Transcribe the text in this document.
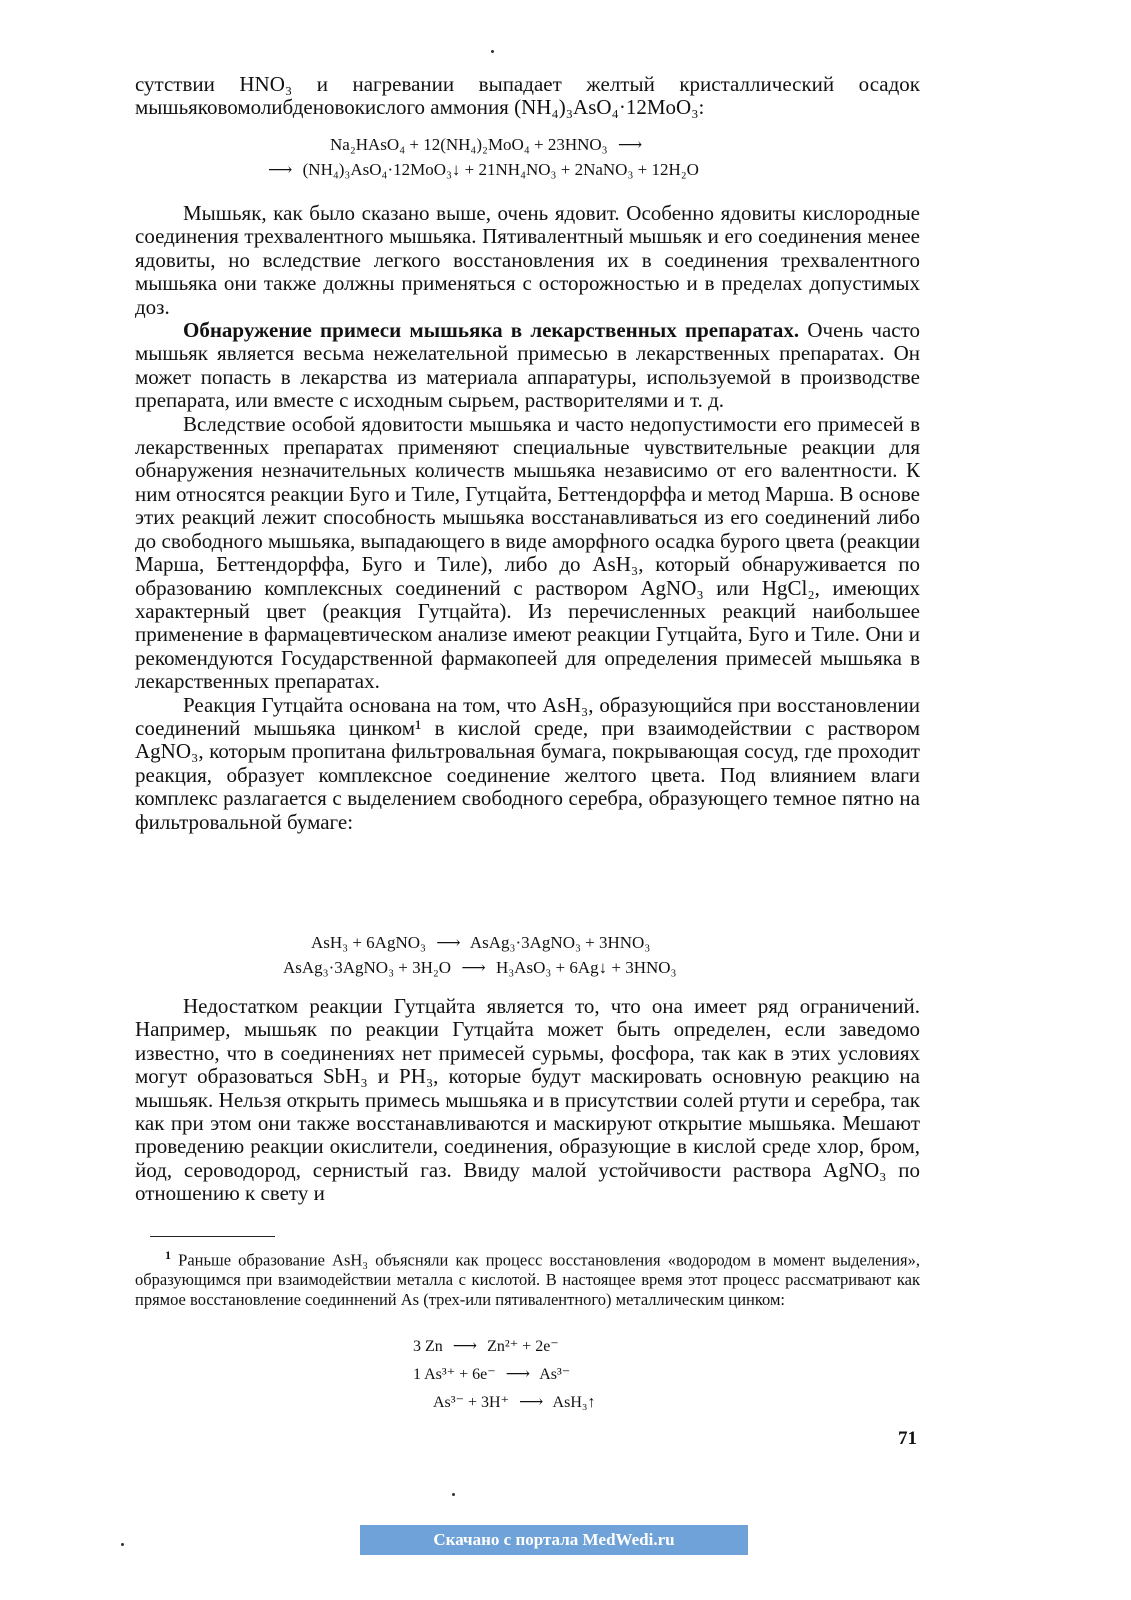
сутствии HNO₃ и нагревании выпадает желтый кристаллический осадок мышьяковомолибденовокислого аммония (NH₄)₃AsO₄·12MoO₃:

Na₂HAsO₄ + 12(NH₄)₂MoO₄ + 23HNO₃ ⟶

⟶ (NH₄)₃AsO₄·12MoO₃↓ + 21NH₄NO₃ + 2NaNO₃ + 12H₂O

Мышьяк, как было сказано выше, очень ядовит. Особенно ядовиты кислородные соединения трехвалентного мышьяка. Пятивалентный мышьяк и его соединения менее ядовиты, но вследствие легкого восстановления их в соединения трехвалентного мышьяка они также должны применяться с осторожностью и в пределах допустимых доз.

Обнаружение примеси мышьяка в лекарственных препаратах. Очень часто мышьяк является весьма нежелательной примесью в лекарственных препаратах. Он может попасть в лекарства из материала аппаратуры, используемой в производстве препарата, или вместе с исходным сырьем, растворителями и т. д.

Вследствие особой ядовитости мышьяка и часто недопустимости его примесей в лекарственных препаратах применяют специальные чувствительные реакции для обнаружения незначительных количеств мышьяка независимо от его валентности. К ним относятся реакции Буго и Тиле, Гутцайта, Беттендорффа и метод Марша. В основе этих реакций лежит способность мышьяка восстанавливаться из его соединений либо до свободного мышьяка, выпадающего в виде аморфного осадка бурого цвета (реакции Марша, Беттендорффа, Буго и Тиле), либо до AsH₃, который обнаруживается по образованию комплексных соединений с раствором AgNO₃ или HgCl₂, имеющих характерный цвет (реакция Гутцайта). Из перечисленных реакций наибольшее применение в фармацевтическом анализе имеют реакции Гутцайта, Буго и Тиле. Они и рекомендуются Государственной фармакопеей для определения примесей мышьяка в лекарственных препаратах.

Реакция Гутцайта основана на том, что AsH₃, образующийся при восстановлении соединений мышьяка цинком¹ в кислой среде, при взаимодействии с раствором AgNO₃, которым пропитана фильтровальная бумага, покрывающая сосуд, где проходит реакция, образует комплексное соединение желтого цвета. Под влиянием влаги комплекс разлагается с выделением свободного серебра, образующего темное пятно на фильтровальной бумаге:

AsH₃ + 6AgNO₃ ⟶ AsAg₃·3AgNO₃ + 3HNO₃

AsAg₃·3AgNO₃ + 3H₂O ⟶ H₃AsO₃ + 6Ag↓ + 3HNO₃

Недостатком реакции Гутцайта является то, что она имеет ряд ограничений. Например, мышьяк по реакции Гутцайта может быть определен, если заведомо известно, что в соединениях нет примесей сурьмы, фосфора, так как в этих условиях могут образоваться SbH₃ и PH₃, которые будут маскировать основную реакцию на мышьяк. Нельзя открыть примесь мышьяка и в присутствии солей ртути и серебра, так как при этом они также восстанавливаются и маскируют открытие мышьяка. Мешают проведению реакции окислители, соединения, образующие в кислой среде хлор, бром, йод, сероводород, сернистый газ. Ввиду малой устойчивости раствора AgNO₃ по отношению к свету и

$^1$ Раньше образование AsH₃ объясняли как процесс восстановления «водородом в момент выделения», образующимся при взаимодействии металла с кислотой. В настоящее время этот процесс рассматривают как прямое восстановление соединнений As (трех-или пятивалентного) металлическим цинком:

3 Zn ⟶ Zn²⁺ + 2e⁻

1 As³⁺ + 6e⁻ ⟶ As³⁻

As³⁻ + 3H⁺ ⟶ AsH₃↑

71
Скачано с портала MedWedi.ru
